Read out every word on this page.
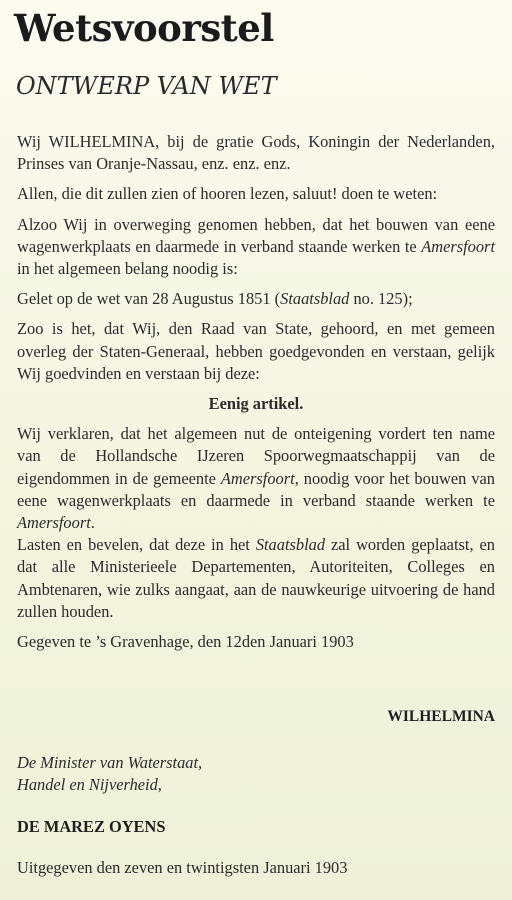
Wetsvoorstel
ONTWERP VAN WET

Wij WILHELMINA, bij de gratie Gods, Koningin der Nederlanden, Prinses van Oranje-Nassau, enz. enz. enz.

Allen, die dit zullen zien of hooren lezen, saluut! doen te weten:

Alzoo Wij in overweging genomen hebben, dat het bouwen van eene wagenwerkplaats en daarmede in verband staande werken te Amersfoort in het algemeen belang noodig is:

Gelet op de wet van 28 Augustus 1851 (Staatsblad no. 125);

Zoo is het, dat Wij, den Raad van State, gehoord, en met gemeen overleg der Staten-Generaal, hebben goedgevonden en verstaan, gelijk Wij goedvinden en verstaan bij deze:

Eenig artikel.

Wij verklaren, dat het algemeen nut de onteigening vordert ten name van de Hollandsche IJzeren Spoorwegmaatschappij van de eigendommen in de gemeente Amersfoort, noodig voor het bouwen van eene wagenwerkplaats en daarmede in verband staande werken te Amersfoort.

Lasten en bevelen, dat deze in het Staatsblad zal worden geplaatst, en dat alle Ministerieele Departementen, Autoriteiten, Colleges en Ambtenaren, wie zulks aangaat, aan de nauwkeurige uitvoering de hand zullen houden.

Gegeven te ’s Gravenhage, den 12den Januari 1903

WILHELMINA
De Minister van Waterstaat,
Handel en Nijverheid,
DE MAREZ OYENS
Uitgegeven den zeven en twintigsten Januari 1903
